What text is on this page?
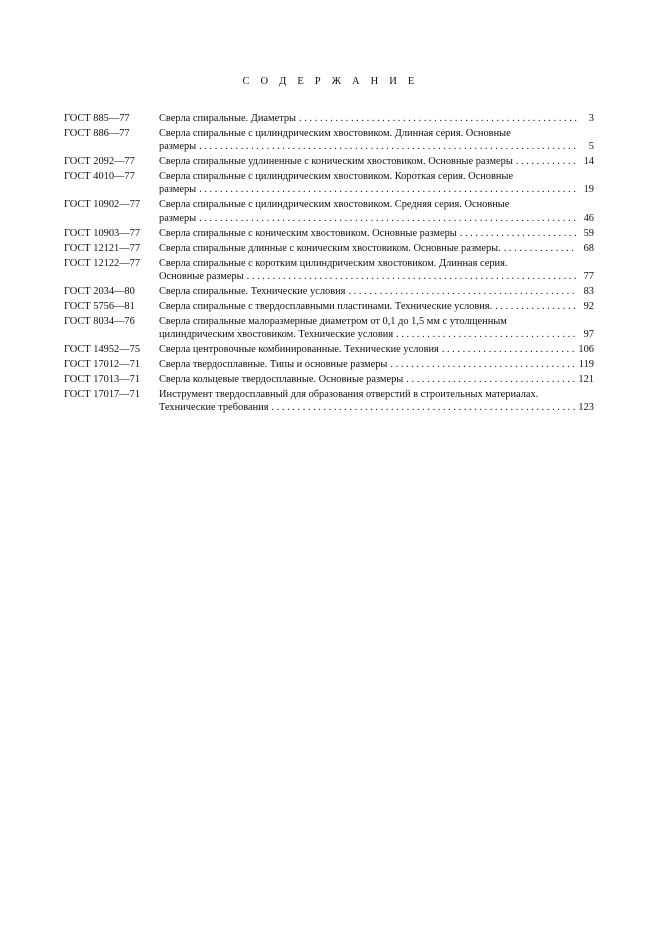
С О Д Е Р Ж А Н И Е
ГОСТ 885—77	Сверла спиральные. Диаметры . . .	3
ГОСТ 886—77	Сверла спиральные с цилиндрическим хвостовиком. Длинная серия. Основные
размеры . . .	5
ГОСТ 2092—77	Сверла спиральные удлиненные с коническим хвостовиком. Основные размеры . . .	14
ГОСТ 4010—77	Сверла спиральные с цилиндрическим хвостовиком. Короткая серия. Основные
размеры . . .	19
ГОСТ 10902—77	Сверла спиральные с цилиндрическим хвостовиком. Средняя серия. Основные
размеры . . .	46
ГОСТ 10903—77	Сверла спиральные с коническим хвостовиком. Основные размеры . . .	59
ГОСТ 12121—77	Сверла спиральные длинные с коническим хвостовиком. Основные размеры. . . .	68
ГОСТ 12122—77	Сверла спиральные с коротким цилиндрическим хвостовиком. Длинная серия.
Основные размеры . . .	77
ГОСТ 2034—80	Сверла спиральные. Технические условия . . .	83
ГОСТ 5756—81	Сверла спиральные с твердосплавными пластинами. Технические условия. . . .	92
ГОСТ 8034—76	Сверла спиральные малоразмерные диаметром от 0,1 до 1,5 мм с утолщенным
цилиндрическим хвостовиком. Технические условия . . .	97
ГОСТ 14952—75	Сверла центровочные комбинированные. Технические условия . . .	106
ГОСТ 17012—71	Сверла твердосплавные. Типы и основные размеры . . .	119
ГОСТ 17013—71	Сверла кольцевые твердосплавные. Основные размеры . . .	121
ГОСТ 17017—71	Инструмент твердосплавный для образования отверстий в строительных материалах.
Технические требования . . .	123
